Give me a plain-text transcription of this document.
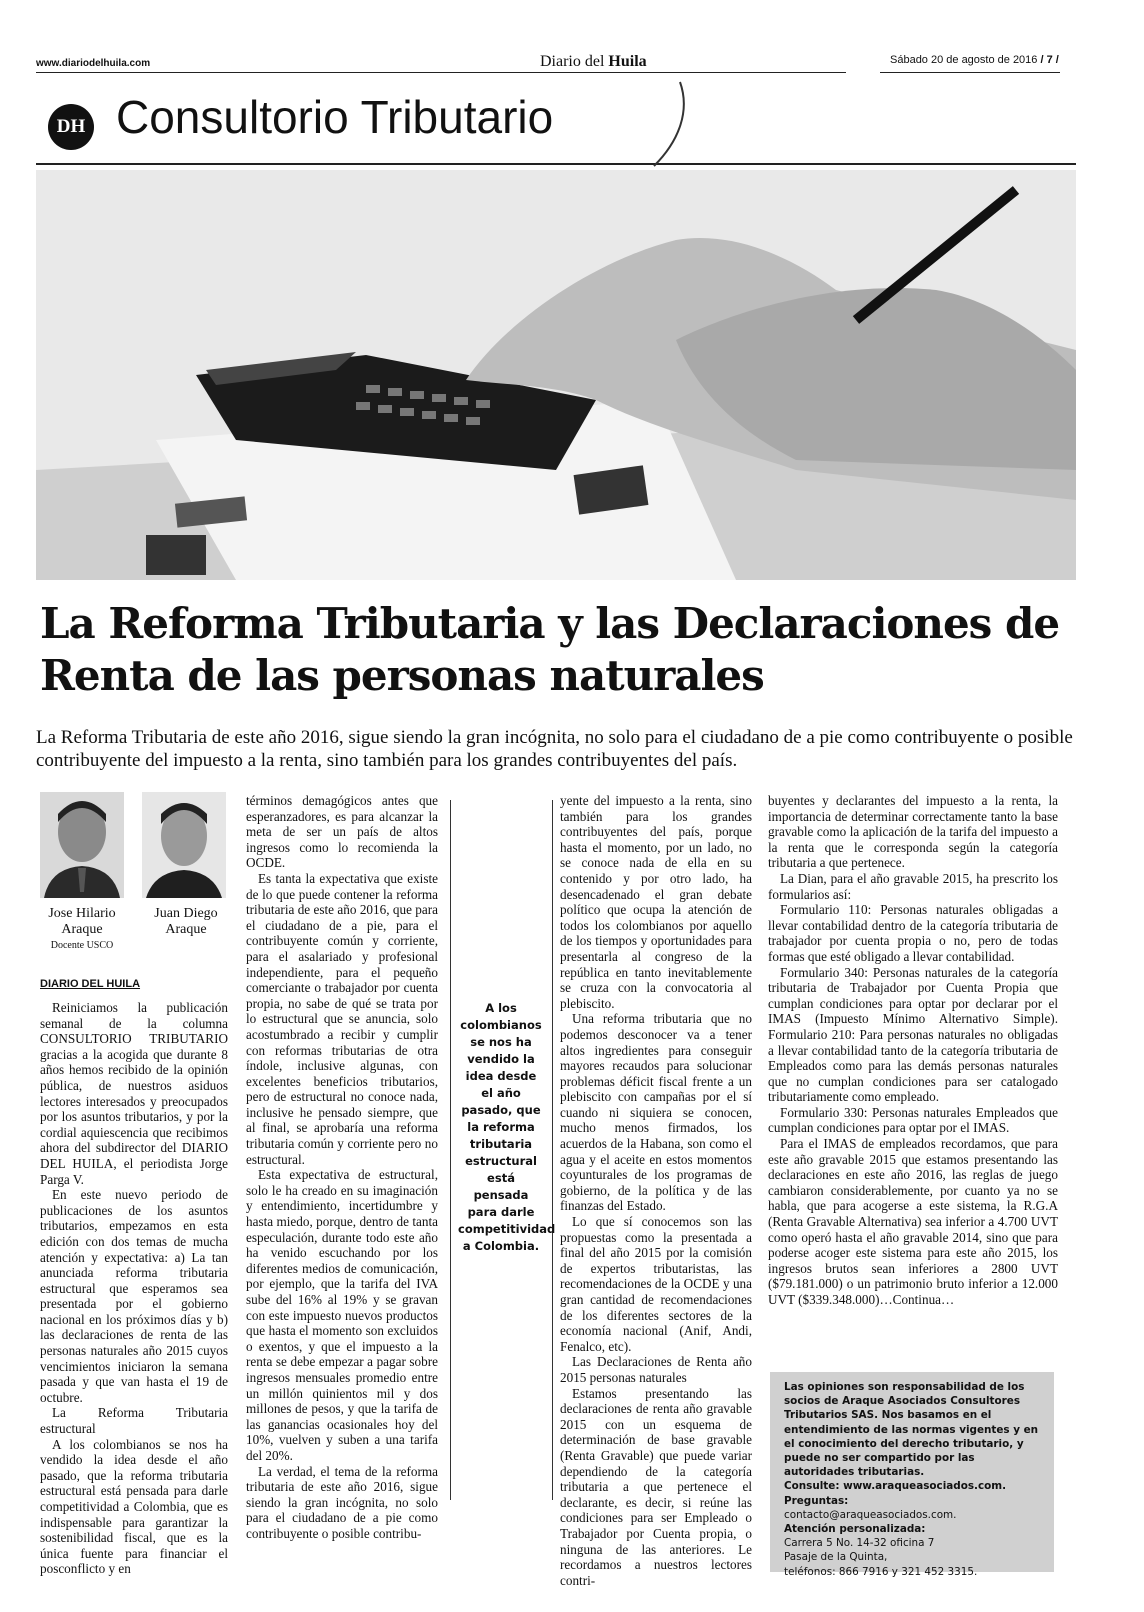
www.diariodelhuila.com	Diario del Huila	Sábado 20 de agosto de 2016 / 7 /
DH Consultorio Tributario
La Reforma Tributaria y las Declaraciones de Renta de las personas naturales
La Reforma Tributaria de este año 2016, sigue siendo la gran incógnita, no solo para el ciudadano de a pie como contribuyente o posible contribuyente del impuesto a la renta, sino también para los grandes contribuyentes del país.
Jose Hilario
Araque
Docente USCO
Juan Diego
Araque
DIARIO DEL HUILA

Reiniciamos la publicación semanal de la columna CONSULTORIO TRIBUTARIO gracias a la acogida que durante 8 años hemos recibido de la opinión pública, de nuestros asiduos lectores interesados y preocupados por los asuntos tributarios, y por la cordial aquiescencia que recibimos ahora del subdirector del DIARIO DEL HUILA, el periodista Jorge Parga V.

En este nuevo periodo de publicaciones de los asuntos tributarios, empezamos en esta edición con dos temas de mucha atención y expectativa: a) La tan anunciada reforma tributaria estructural que esperamos sea presentada por el gobierno nacional en los próximos días y b) las declaraciones de renta de las personas naturales año 2015 cuyos vencimientos iniciaron la semana pasada y que van hasta el 19 de octubre.

La Reforma Tributaria estructural

A los colombianos se nos ha vendido la idea desde el año pasado, que la reforma tributaria estructural está pensada para darle competitividad a Colombia, que es indispensable para garantizar la sostenibilidad fiscal, que es la única fuente para financiar el posconflicto y en

términos demagógicos antes que esperanzadores, es para alcanzar la meta de ser un país de altos ingresos como lo recomienda la OCDE.

Es tanta la expectativa que existe de lo que puede contener la reforma tributaria de este año 2016, que para el ciudadano de a pie, para el contribuyente común y corriente, para el asalariado y profesional independiente, para el pequeño comerciante o trabajador por cuenta propia, no sabe de qué se trata por lo estructural que se anuncia, solo acostumbrado a recibir y cumplir con reformas tributarias de otra índole, inclusive algunas, con excelentes beneficios tributarios, pero de estructural no conoce nada, inclusive he pensado siempre, que al final, se aprobaría una reforma tributaria común y corriente pero no estructural.

Esta expectativa de estructural, solo le ha creado en su imaginación y entendimiento, incertidumbre y hasta miedo, porque, dentro de tanta especulación, durante todo este año ha venido escuchando por los diferentes medios de comunicación, por ejemplo, que la tarifa del IVA sube del 16% al 19% y se gravan con este impuesto nuevos productos que hasta el momento son excluidos o exentos, y que el impuesto a la renta se debe empezar a pagar sobre ingresos mensuales promedio entre un millón quinientos mil y dos millones de pesos, y que la tarifa de las ganancias ocasionales hoy del 10%, vuelven y suben a una tarifa del 20%.

La verdad, el tema de la reforma tributaria de este año 2016, sigue siendo la gran incógnita, no solo para el ciudadano de a pie como contribuyente o posible contribu-

A los colombianos se nos ha vendido la idea desde el año pasado, que la reforma tributaria estructural está pensada para darle competitividad a Colombia.

yente del impuesto a la renta, sino también para los grandes contribuyentes del país, porque hasta el momento, por un lado, no se conoce nada de ella en su contenido y por otro lado, ha desencadenado el gran debate político que ocupa la atención de todos los colombianos por aquello de los tiempos y oportunidades para presentarla al congreso de la república en tanto inevitablemente se cruza con la convocatoria al plebiscito.

Una reforma tributaria que no podemos desconocer va a tener altos ingredientes para conseguir mayores recaudos para solucionar problemas déficit fiscal frente a un plebiscito con campañas por el sí cuando ni siquiera se conocen, mucho menos firmados, los acuerdos de la Habana, son como el agua y el aceite en estos momentos coyunturales de los programas de gobierno, de la política y de las finanzas del Estado.

Lo que sí conocemos son las propuestas como la presentada a final del año 2015 por la comisión de expertos tributaristas, las recomendaciones de la OCDE y una gran cantidad de recomendaciones de los diferentes sectores de la economía nacional (Anif, Andi, Fenalco, etc).

Las Declaraciones de Renta año 2015 personas naturales

Estamos presentando las declaraciones de renta año gravable 2015 con un esquema de determinación de base gravable (Renta Gravable) que puede variar dependiendo de la categoría tributaria a que pertenece el declarante, es decir, si reúne las condiciones para ser Empleado o Trabajador por Cuenta propia, o ninguna de las anteriores. Le recordamos a nuestros lectores contri-

buyentes y declarantes del impuesto a la renta, la importancia de determinar correctamente tanto la base gravable como la aplicación de la tarifa del impuesto a la renta que le corresponda según la categoría tributaria a que pertenece.

La Dian, para el año gravable 2015, ha prescrito los formularios así:

Formulario 110: Personas naturales obligadas a llevar contabilidad dentro de la categoría tributaria de trabajador por cuenta propia o no, pero de todas formas que esté obligado a llevar contabilidad.

Formulario 340: Personas naturales de la categoría tributaria de Trabajador por Cuenta Propia que cumplan condiciones para optar por declarar por el IMAS (Impuesto Mínimo Alternativo Simple). Formulario 210: Para personas naturales no obligadas a llevar contabilidad tanto de la categoría tributaria de Empleados como para las demás personas naturales que no cumplan condiciones para ser catalogado tributariamente como empleado.

Formulario 330: Personas naturales Empleados que cumplan condiciones para optar por el IMAS.

Para el IMAS de empleados recordamos, que para este año gravable 2015 que estamos presentando las declaraciones en este año 2016, las reglas de juego cambiaron considerablemente, por cuanto ya no se habla, que para acogerse a este sistema, la R.G.A (Renta Gravable Alternativa) sea inferior a 4.700 UVT como operó hasta el año gravable 2014, sino que para poderse acoger este sistema para este año 2015, los ingresos brutos sean inferiores a 2800 UVT ($79.181.000) o un patrimonio bruto inferior a 12.000 UVT ($339.348.000)…Continua…

Las opiniones son responsabilidad de los socios de Araque Asociados Consultores Tributarios SAS. Nos basamos en el entendimiento de las normas vigentes y en el conocimiento del derecho tributario, y puede no ser compartido por las autoridades tributarias.
Consulte: www.araqueasociados.com.
Preguntas:
contacto@araqueasociados.com.
Atención personalizada:
Carrera 5 No. 14-32 oficina 7
Pasaje de la Quinta,
teléfonos: 866 7916 y 321 452 3315.
